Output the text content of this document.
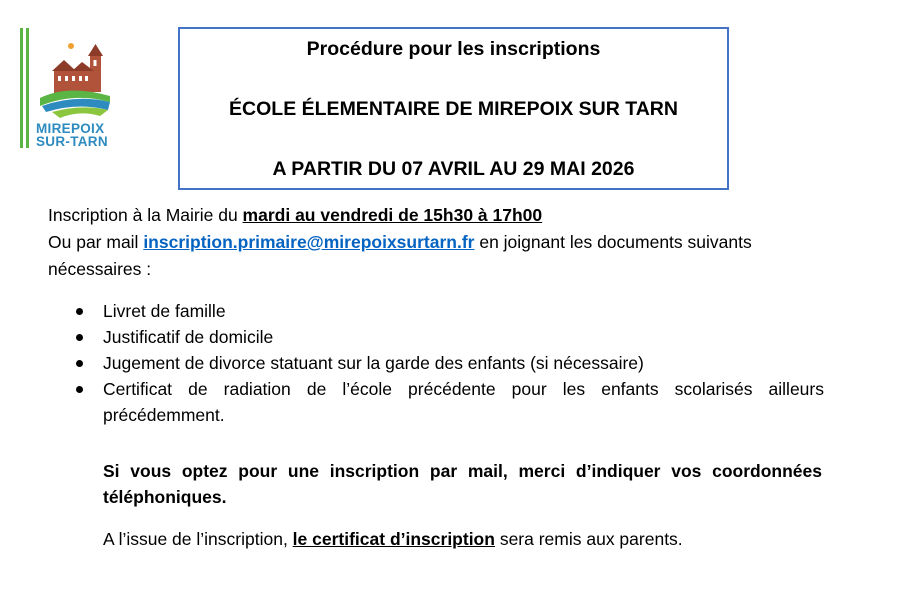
MIREPOIX
SUR-TARN
Procédure pour les inscriptions
ÉCOLE ÉLEMENTAIRE DE MIREPOIX SUR TARN
A PARTIR DU 07 AVRIL AU 29 MAI 2026
Inscription à la Mairie du mardi au vendredi de 15h30 à 17h00
Ou par mail inscription.primaire@mirepoixsurtarn.fr en joignant les documents suivants
nécessaires :
Livret de famille
Justificatif de domicile
Jugement de divorce statuant sur la garde des enfants (si nécessaire)
Certificat de radiation de l’école précédente pour les enfants scolarisés ailleurs précédemment.
Si vous optez pour une inscription par mail, merci d’indiquer vos coordonnées téléphoniques.
A l’issue de l’inscription, le certificat d’inscription sera remis aux parents.
